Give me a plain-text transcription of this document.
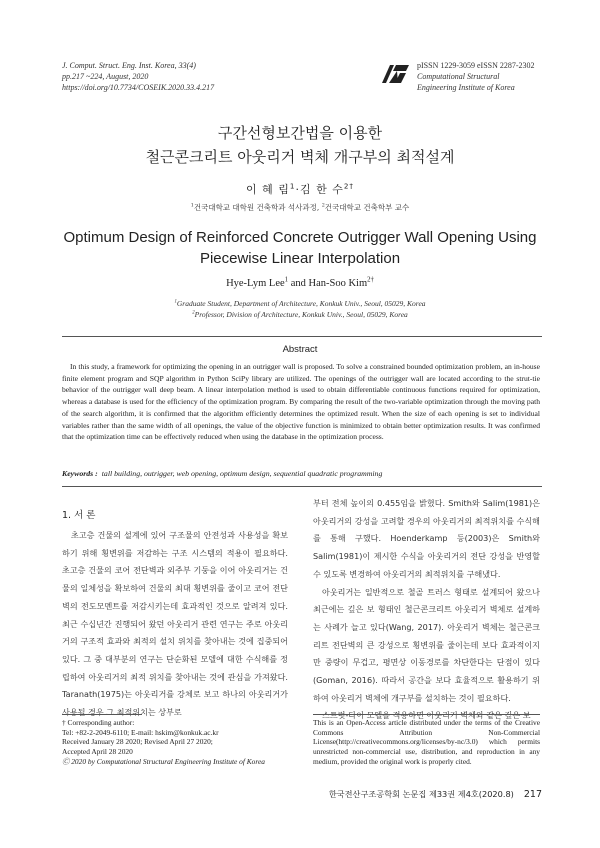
J. Comput. Struct. Eng. Inst. Korea, 33(4)
pp.217 ~224, August, 2020
https://doi.org/10.7734/COSEIK.2020.33.4.217
pISSN 1229-3059 eISSN 2287-2302
Computational Structural
Engineering Institute of Korea
구간선형보간법을 이용한
철근콘크리트 아웃리거 벽체 개구부의 최적설계
이 혜 림$^1$·김 한 수$^{2\dagger}$
$^1$건국대학교 대학원 건축학과 석사과정, $^2$건국대학교 건축학부 교수
Optimum Design of Reinforced Concrete Outrigger Wall Opening Using
Piecewise Linear Interpolation
Hye-Lym Lee$^1$ and Han-Soo Kim$^{2\dagger}$
$^1$Graduate Student, Department of Architecture, Konkuk Univ., Seoul, 05029, Korea
$^2$Professor, Division of Architecture, Konkuk Univ., Seoul, 05029, Korea
Abstract

In this study, a framework for optimizing the opening in an outrigger wall is proposed. To solve a constrained bounded optimization problem, an in-house finite element program and SQP algorithm in Python SciPy library are utilized. The openings of the outrigger wall are located according to the strut-tie behavior of the outrigger wall deep beam. A linear interpolation method is used to obtain differentiable continuous functions required for optimization, whereas a database is used for the efficiency of the optimization program. By comparing the result of the two-variable optimization through the moving path of the search algorithm, it is confirmed that the algorithm efficiently determines the optimized result. When the size of each opening is set to individual variables rather than the same width of all openings, the value of the objective function is minimized to obtain better optimization results. It was confirmed that the optimization time can be effectively reduced when using the database in the optimization process.

Keywords : tall building, outrigger, web opening, optimum design, sequential quadratic programming
1. 서 론

초고층 건물의 설계에 있어 구조물의 안전성과 사용성을 확보하기 위해 횡변위를 저감하는 구조 시스템의 적용이 필요하다. 초고층 건물의 코어 전단벽과 외주부 기둥을 이어 아웃리거는 건물의 일체성을 확보하여 건물의 최대 횡변위를 줄이고 코어 전단벽의 전도모멘트를 저감시키는데 효과적인 것으로 알려져 있다. 최근 수십년간 진행되어 왔던 아웃리거 관련 연구는 주로 아웃리거의 구조적 효과와 최적의 설치 위치를 찾아내는 것에 집중되어 있다. 그 중 대부분의 연구는 단순화된 모델에 대한 수식해를 정립하여 아웃리거의 최적 위치를 찾아내는 것에 관심을 가져왔다. Taranath(1975)는 아웃리거를 강체로 보고 하나의 아웃리거가 사용될 경우 그 최적위치는 상부로

부터 전체 높이의 0.455임을 밝혔다. Smith와 Salim(1981)은 아웃리거의 강성을 고려할 경우의 아웃리거의 최적위치를 수식해를 통해 구했다. Hoenderkamp 등(2003)은 Smith와 Salim(1981)이 제시한 수식을 아웃리거의 전단 강성을 반영할 수 있도록 변경하여 아웃리거의 최적위치를 구해냈다.

아웃리거는 일반적으로 철골 트러스 형태로 설계되어 왔으나 최근에는 깊은 보 형태인 철근콘크리트 아웃리거 벽체로 설계하는 사례가 늘고 있다(Wang, 2017). 아웃리거 벽체는 철근콘크리트 전단벽의 큰 강성으로 횡변위를 줄이는데 보다 효과적이지만 중량이 무겁고, 평면상 이동경로를 차단한다는 단점이 있다(Goman, 2016). 따라서 공간을 보다 효율적으로 활용하기 위하여 아웃리거 벽체에 개구부를 설치하는 것이 필요하다.

스트럿-타이 모델을 적용하면 아웃리거 벽체와 같은 깊은 보

† Corresponding author:
Tel: +82-2-2049-6110; E-mail: hskim@konkuk.ac.kr
Received January 28 2020; Revised April 27 2020;
Accepted April 28 2020
Ⓒ 2020 by Computational Structural Engineering Institute of Korea
This is an Open-Access article distributed under the terms of the Creative Commons Attribution Non-Commercial License(http://creativecommons.org/licenses/by-nc/3.0) which permits unrestricted non-commercial use, distribution, and reproduction in any medium, provided the original work is properly cited.
한국전산구조공학회 논문집 제33권 제4호(2020.8) 217
